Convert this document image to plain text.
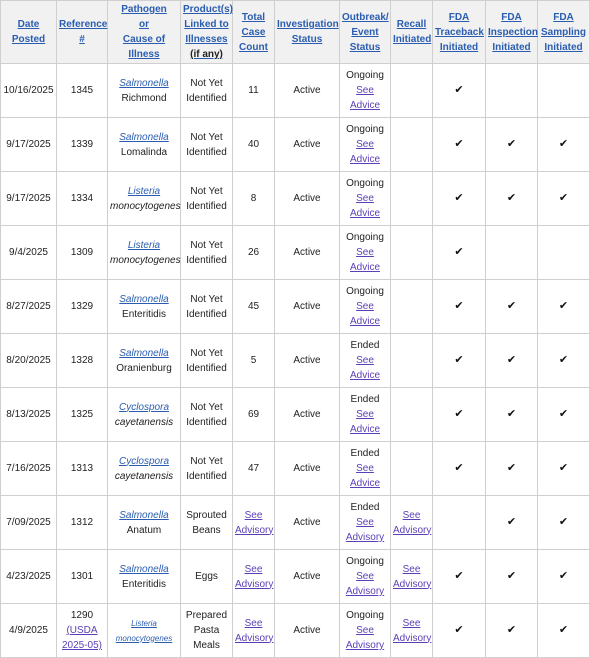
Date
Posted	Reference
#	Pathogen
or
Cause of
Illness	Product(s)
Linked to
Illnesses
(if any)	Total
Case
Count	Investigation
Status	Outbreak/
Event
Status	Recall
Initiated	FDA
Traceback
Initiated	FDA
Inspection
Initiated	FDA
Sampling
Initiated
10/16/2025	1345	Salmonella
Richmond	Not Yet
Identified	11	Active	Ongoing
See
Advice		✔		
9/17/2025	1339	Salmonella
Lomalinda	Not Yet
Identified	40	Active	Ongoing
See
Advice		✔	✔	✔
9/17/2025	1334	Listeria
monocytogenes	Not Yet
Identified	8	Active	Ongoing
See
Advice		✔	✔	✔
9/4/2025	1309	Listeria
monocytogenes	Not Yet
Identified	26	Active	Ongoing
See
Advice		✔		
8/27/2025	1329	Salmonella
Enteritidis	Not Yet
Identified	45	Active	Ongoing
See
Advice		✔	✔	✔
8/20/2025	1328	Salmonella
Oranienburg	Not Yet
Identified	5	Active	Ended
See
Advice		✔	✔	✔
8/13/2025	1325	Cyclospora
cayetanensis	Not Yet
Identified	69	Active	Ended
See
Advice		✔	✔	✔
7/16/2025	1313	Cyclospora
cayetanensis	Not Yet
Identified	47	Active	Ended
See
Advice		✔	✔	✔
7/09/2025	1312	Salmonella
Anatum	Sprouted
Beans	See
Advisory	Active	Ended
See
Advisory	See
Advisory		✔	✔
4/23/2025	1301	Salmonella
Enteritidis	Eggs	See
Advisory	Active	Ongoing
See
Advisory	See
Advisory	✔	✔	✔
4/9/2025	1290
(USDA
2025-05)	Listeria
monocytogenes	Prepared
Pasta
Meals	See
Advisory	Active	Ongoing
See
Advisory	See
Advisory	✔	✔	✔
